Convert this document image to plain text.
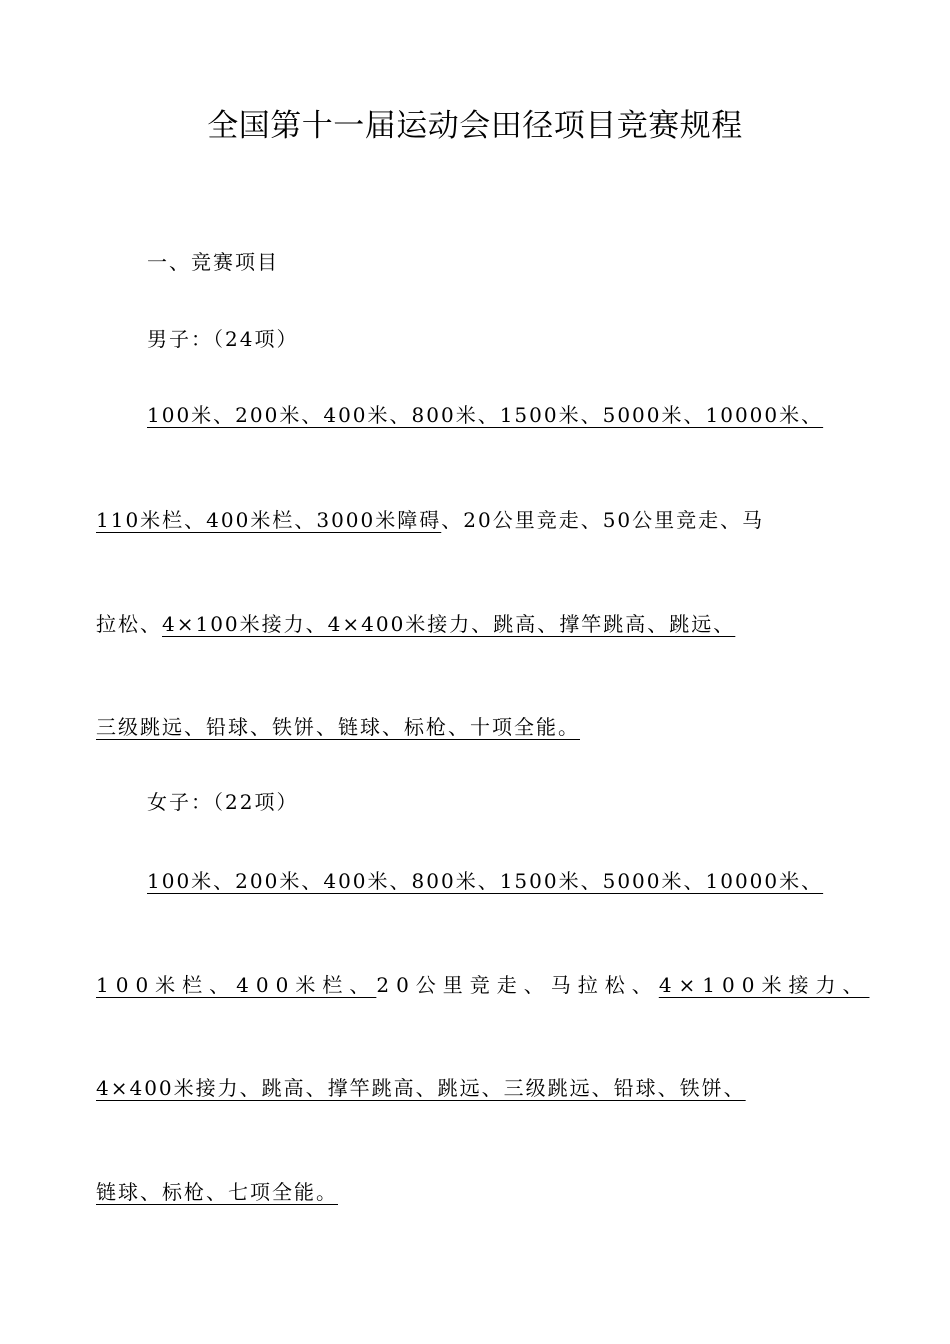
全国第十一届运动会田径项目竞赛规程
一、竞赛项目
男子：（24项）
100米、200米、400米、800米、1500米、5000米、10000米、
110米栏、400米栏、3000米障碍、20公里竞走、50公里竞走、马
拉松、4×100米接力、4×400米接力、跳高、撑竿跳高、跳远、
三级跳远、铅球、铁饼、链球、标枪、十项全能。
女子：（22项）
100米、200米、400米、800米、1500米、5000米、10000米、
100米栏、400米栏、20公里竞走、马拉松、4×100米接力、
4×400米接力、跳高、撑竿跳高、跳远、三级跳远、铅球、铁饼、
链球、标枪、七项全能。
